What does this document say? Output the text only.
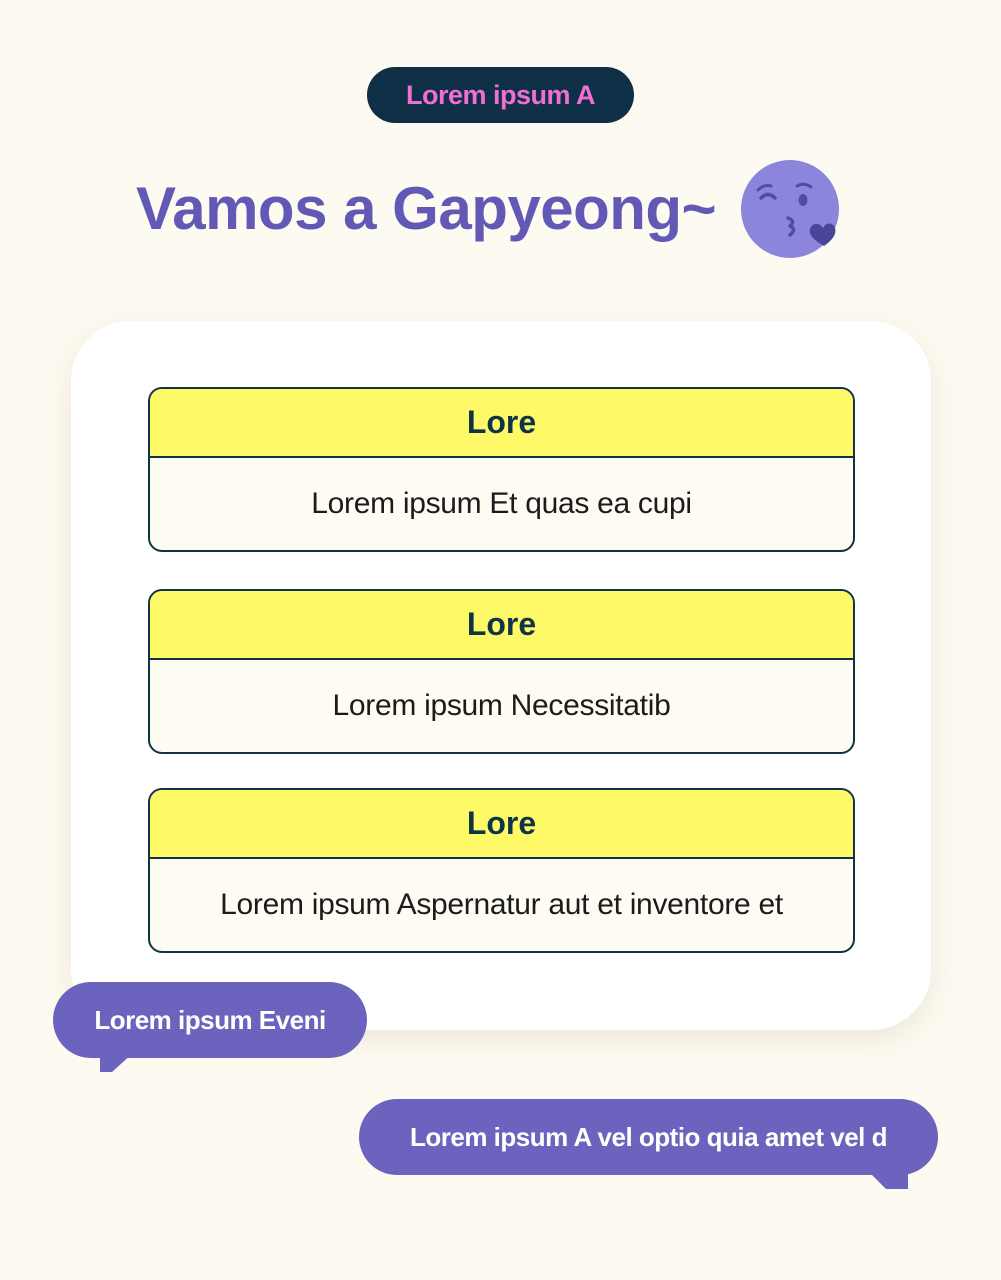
Lorem ipsum A
Vamos a Gapyeong~
Lore
Lorem ipsum Et quas ea cupi
Lore
Lorem ipsum Necessitatib
Lore
Lorem ipsum Aspernatur aut et inventore et
Lorem ipsum Eveni
Lorem ipsum A vel optio quia amet vel d
